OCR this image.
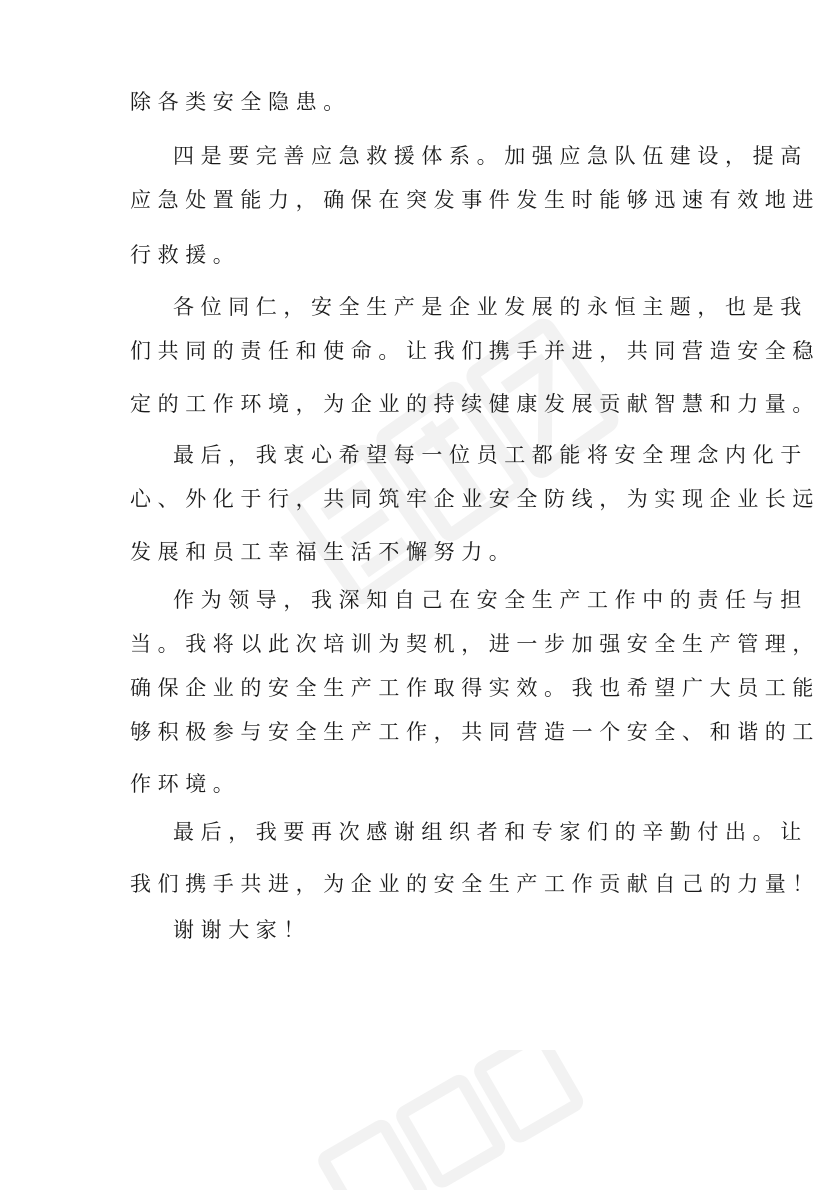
除各类安全隐患。
四是要完善应急救援体系。加强应急队伍建设，提高
应急处置能力，确保在突发事件发生时能够迅速有效地进
行救援。
各位同仁，安全生产是企业发展的永恒主题，也是我
们共同的责任和使命。让我们携手并进，共同营造安全稳
定的工作环境，为企业的持续健康发展贡献智慧和力量。
最后，我衷心希望每一位员工都能将安全理念内化于
心、外化于行，共同筑牢企业安全防线，为实现企业长远
发展和员工幸福生活不懈努力。
作为领导，我深知自己在安全生产工作中的责任与担
当。我将以此次培训为契机，进一步加强安全生产管理，
确保企业的安全生产工作取得实效。我也希望广大员工能
够积极参与安全生产工作，共同营造一个安全、和谐的工
作环境。
最后，我要再次感谢组织者和专家们的辛勤付出。让
我们携手共进，为企业的安全生产工作贡献自己的力量！
谢谢大家！
